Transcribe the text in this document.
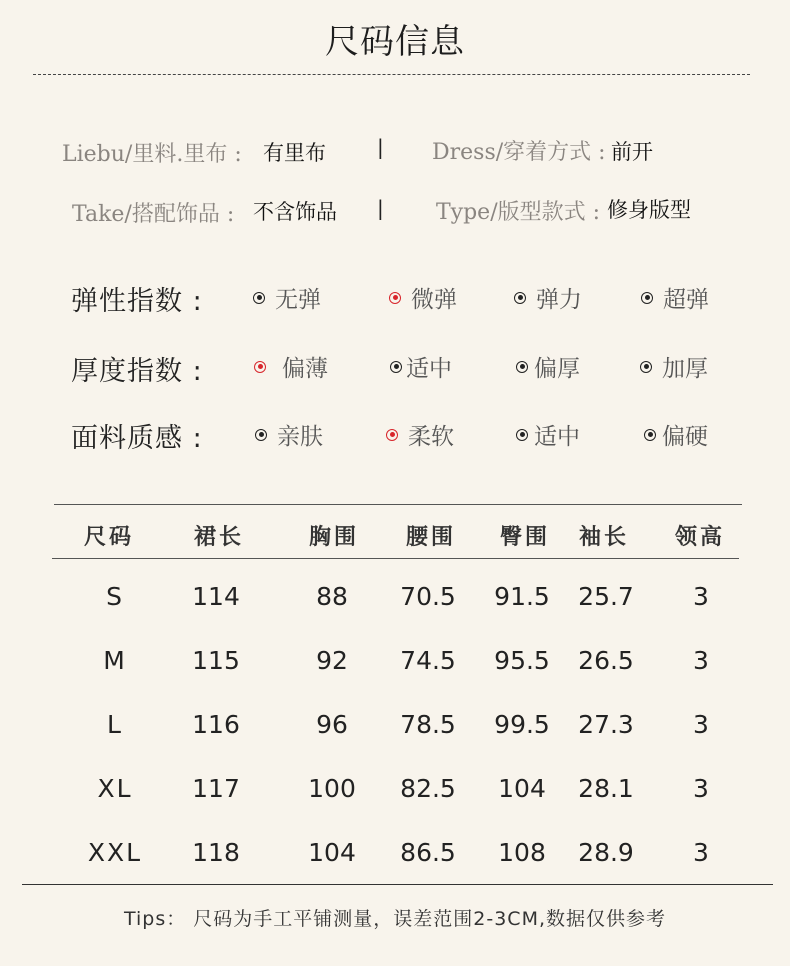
尺码信息
Liebu/里料.里布 : 有里布	| Dress/穿着方式 : 前开
Take/搭配饰品 : 不含饰品 | Type/版型款式 : 修身版型
弹性指数 :	无弹	微弹	弹力	超弹
厚度指数 :	偏薄	适中	偏厚	加厚
面料质感 :	亲肤	柔软	适中	偏硬
尺码	裙长	胸围 腰围 臀围 袖长 领高
S	114	88 70.5 91.5 25.7 3
M	115	92 74.5 95.5 26.5 3
L	116	96 78.5 99.5 27.3 3
XL 117	100 82.5 104 28.1 3
XXL 118	104 86.5 108 28.9 3
Tips： 尺码为手工平铺测量，误差范围2-3CM,数据仅供参考
